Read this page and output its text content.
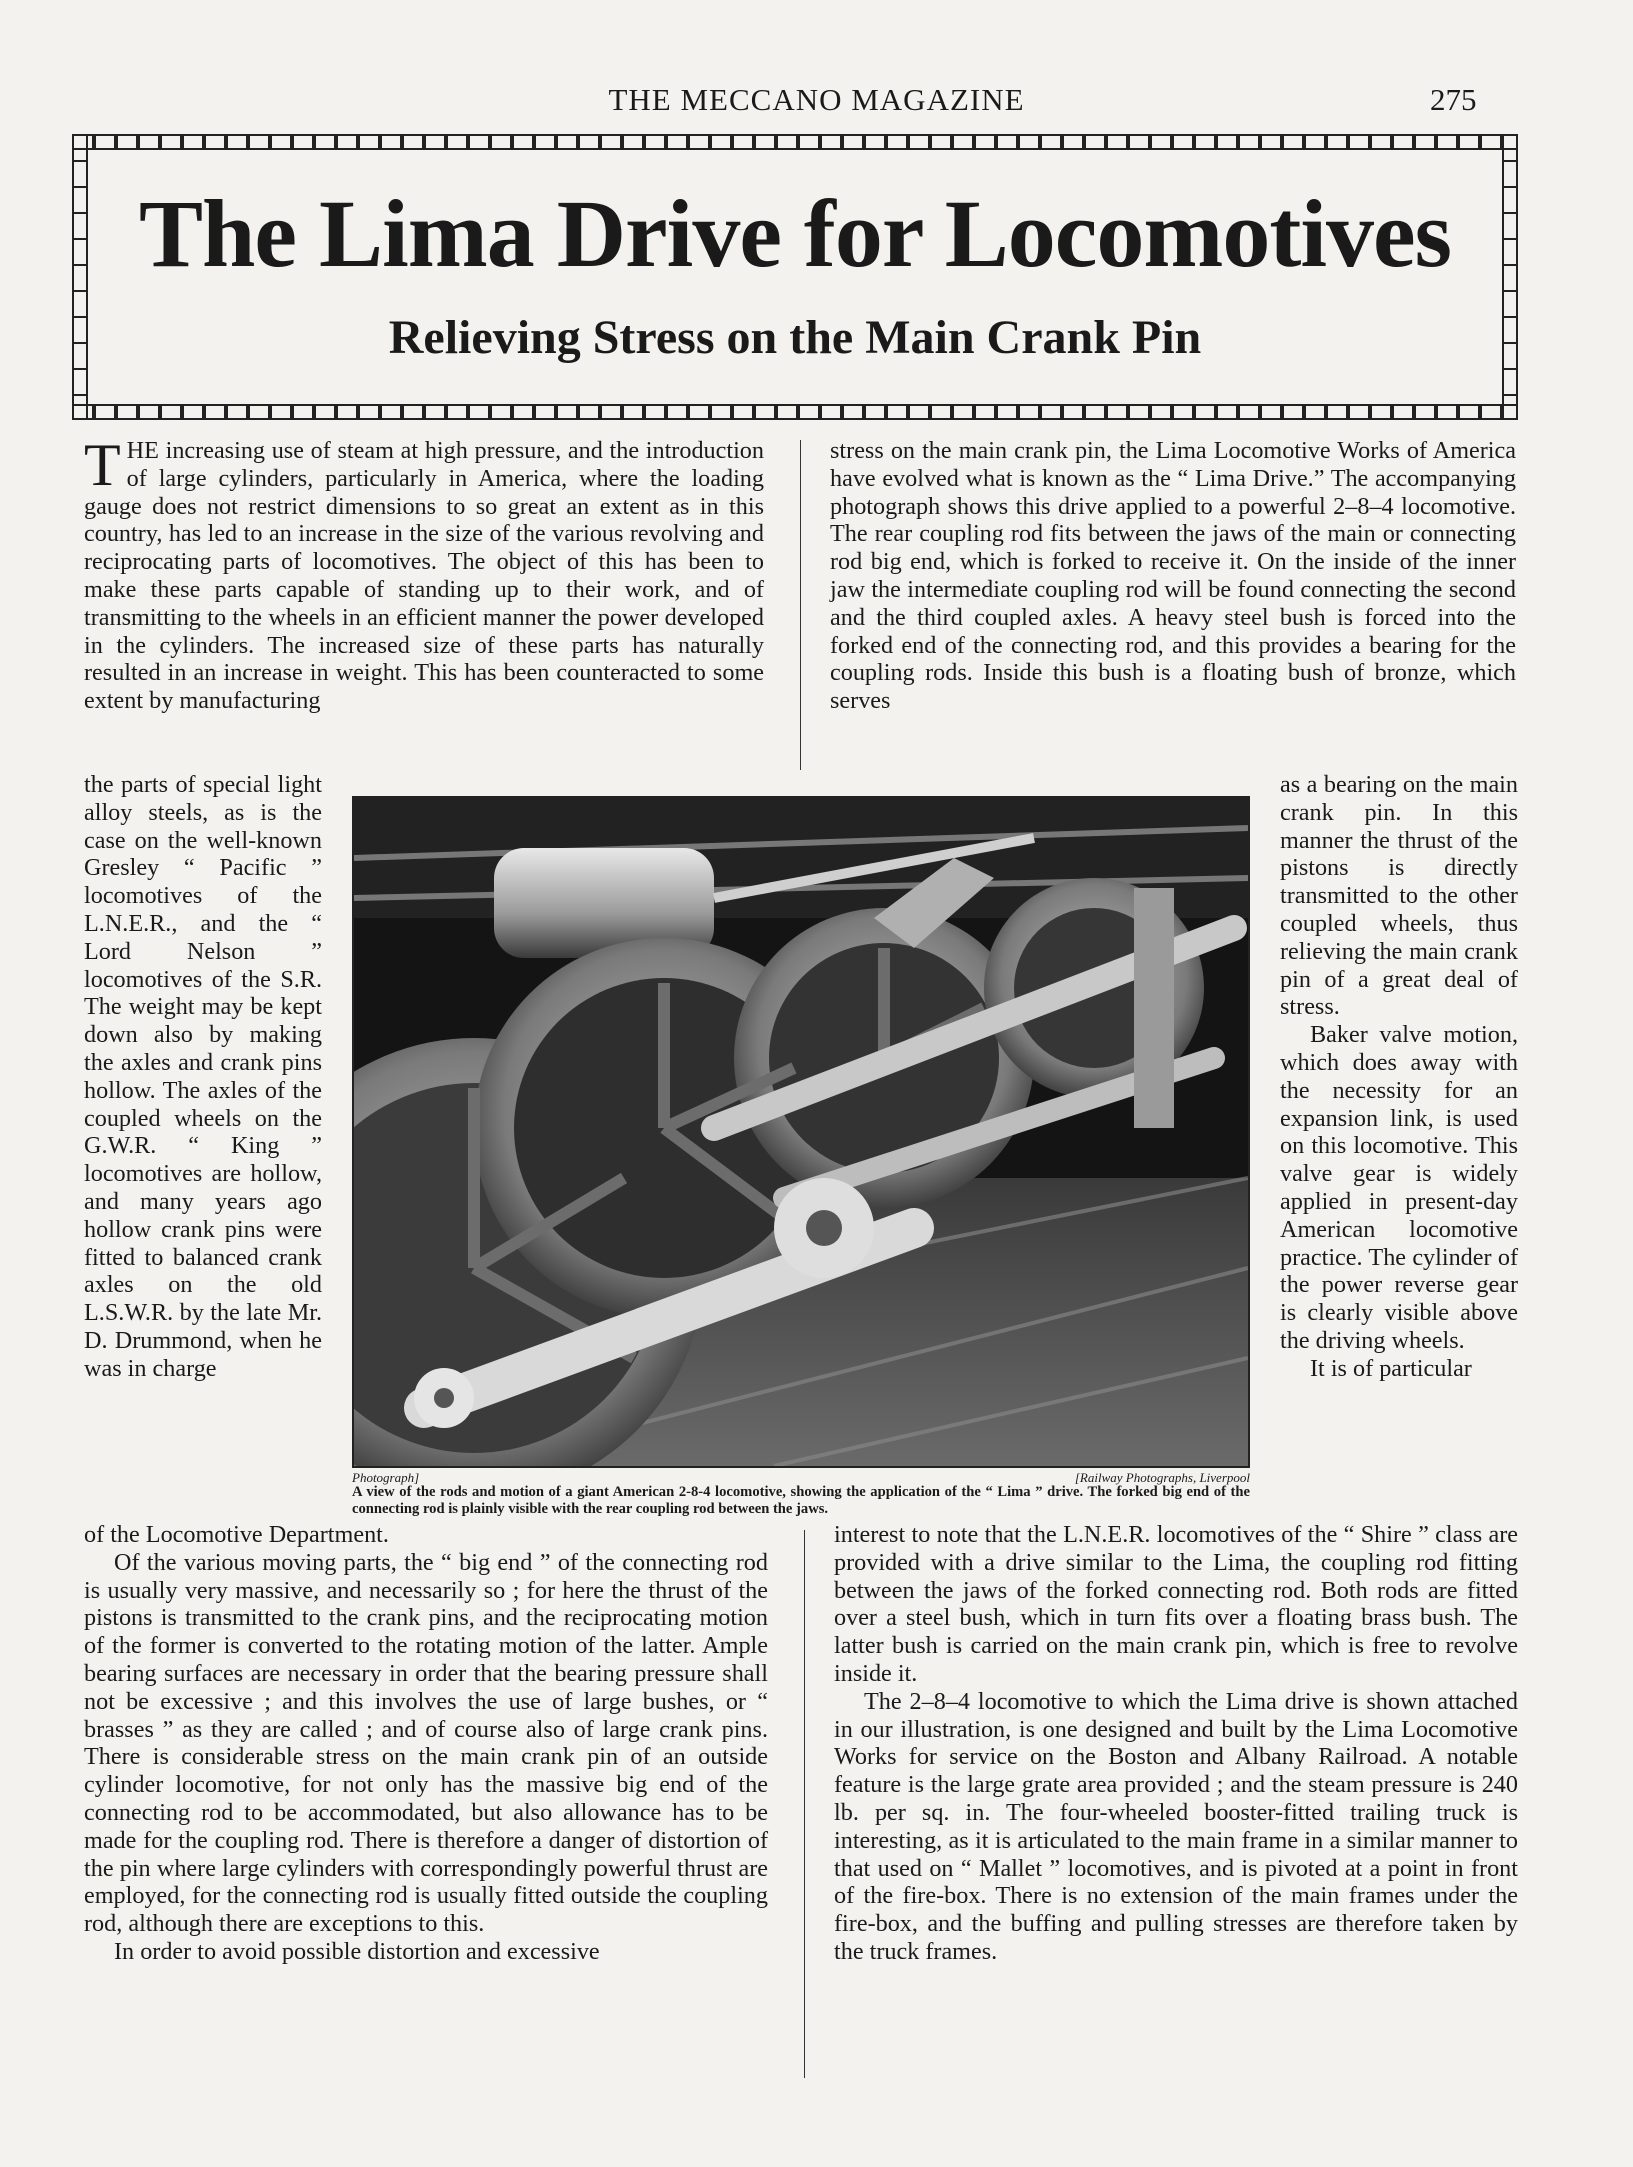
THE MECCANO MAGAZINE	275
The Lima Drive for Locomotives
Relieving Stress on the Main Crank Pin

THE increasing use of steam at high pressure, and the introduction of large cylinders, particularly in America, where the loading gauge does not restrict dimensions to so great an extent as in this country, has led to an increase in the size of the various revolving and reciprocating parts of locomotives. The object of this has been to make these parts capable of standing up to their work, and of transmitting to the wheels in an efficient manner the power developed in the cylinders. The increased size of these parts has naturally resulted in an increase in weight. This has been counteracted to some extent by manufacturing

the parts of special light alloy steels, as is the case on the well-known Gresley “ Pacific ” locomotives of the L.N.E.R., and the “ Lord Nelson ” locomotives of the S.R. The weight may be kept down also by making the axles and crank pins hollow. The axles of the coupled wheels on the G.W.R. “ King ” locomotives are hollow, and many years ago hollow crank pins were fitted to balanced crank axles on the old L.S.W.R. by the late Mr. D. Drummond, when he was in charge

of the Locomotive Department.

Of the various moving parts, the “ big end ” of the connecting rod is usually very massive, and necessarily so ; for here the thrust of the pistons is transmitted to the crank pins, and the reciprocating motion of the former is converted to the rotating motion of the latter. Ample bearing surfaces are necessary in order that the bearing pressure shall not be excessive ; and this involves the use of large bushes, or “ brasses ” as they are called ; and of course also of large crank pins. There is considerable stress on the main crank pin of an outside cylinder locomotive, for not only has the massive big end of the connecting rod to be accommodated, but also allowance has to be made for the coupling rod. There is therefore a danger of distortion of the pin where large cylinders with correspondingly powerful thrust are employed, for the connecting rod is usually fitted outside the coupling rod, although there are exceptions to this.

In order to avoid possible distortion and excessive

stress on the main crank pin, the Lima Locomotive Works of America have evolved what is known as the “ Lima Drive.” The accompanying photograph shows this drive applied to a powerful 2–8–4 locomotive. The rear coupling rod fits between the jaws of the main or connecting rod big end, which is forked to receive it. On the inside of the inner jaw the intermediate coupling rod will be found connecting the second and the third coupled axles. A heavy steel bush is forced into the forked end of the connecting rod, and this provides a bearing for the coupling rods. Inside this bush is a floating bush of bronze, which serves

as a bearing on the main crank pin. In this manner the thrust of the pistons is directly transmitted to the other coupled wheels, thus relieving the main crank pin of a great deal of stress.

Baker valve motion, which does away with the necessity for an expansion link, is used on this locomotive. This valve gear is widely applied in present-day American locomotive practice. The cylinder of the power reverse gear is clearly visible above the driving wheels.

It is of particular

interest to note that the L.N.E.R. locomotives of the “ Shire ” class are provided with a drive similar to the Lima, the coupling rod fitting between the jaws of the forked connecting rod. Both rods are fitted over a steel bush, which in turn fits over a floating brass bush. The latter bush is carried on the main crank pin, which is free to revolve inside it.

The 2–8–4 locomotive to which the Lima drive is shown attached in our illustration, is one designed and built by the Lima Locomotive Works for service on the Boston and Albany Railroad. A notable feature is the large grate area provided ; and the steam pressure is 240 lb. per sq. in. The four-wheeled booster-fitted trailing truck is interesting, as it is articulated to the main frame in a similar manner to that used on “ Mallet ” locomotives, and is pivoted at a point in front of the fire-box. There is no extension of the main frames under the fire-box, and the buffing and pulling stresses are therefore taken by the truck frames.

Photograph]	[Railway Photographs, Liverpool
A view of the rods and motion of a giant American 2-8-4 locomotive, showing the application of the “ Lima ” drive. The forked big end of the connecting rod is plainly visible with the rear coupling rod between the jaws.
